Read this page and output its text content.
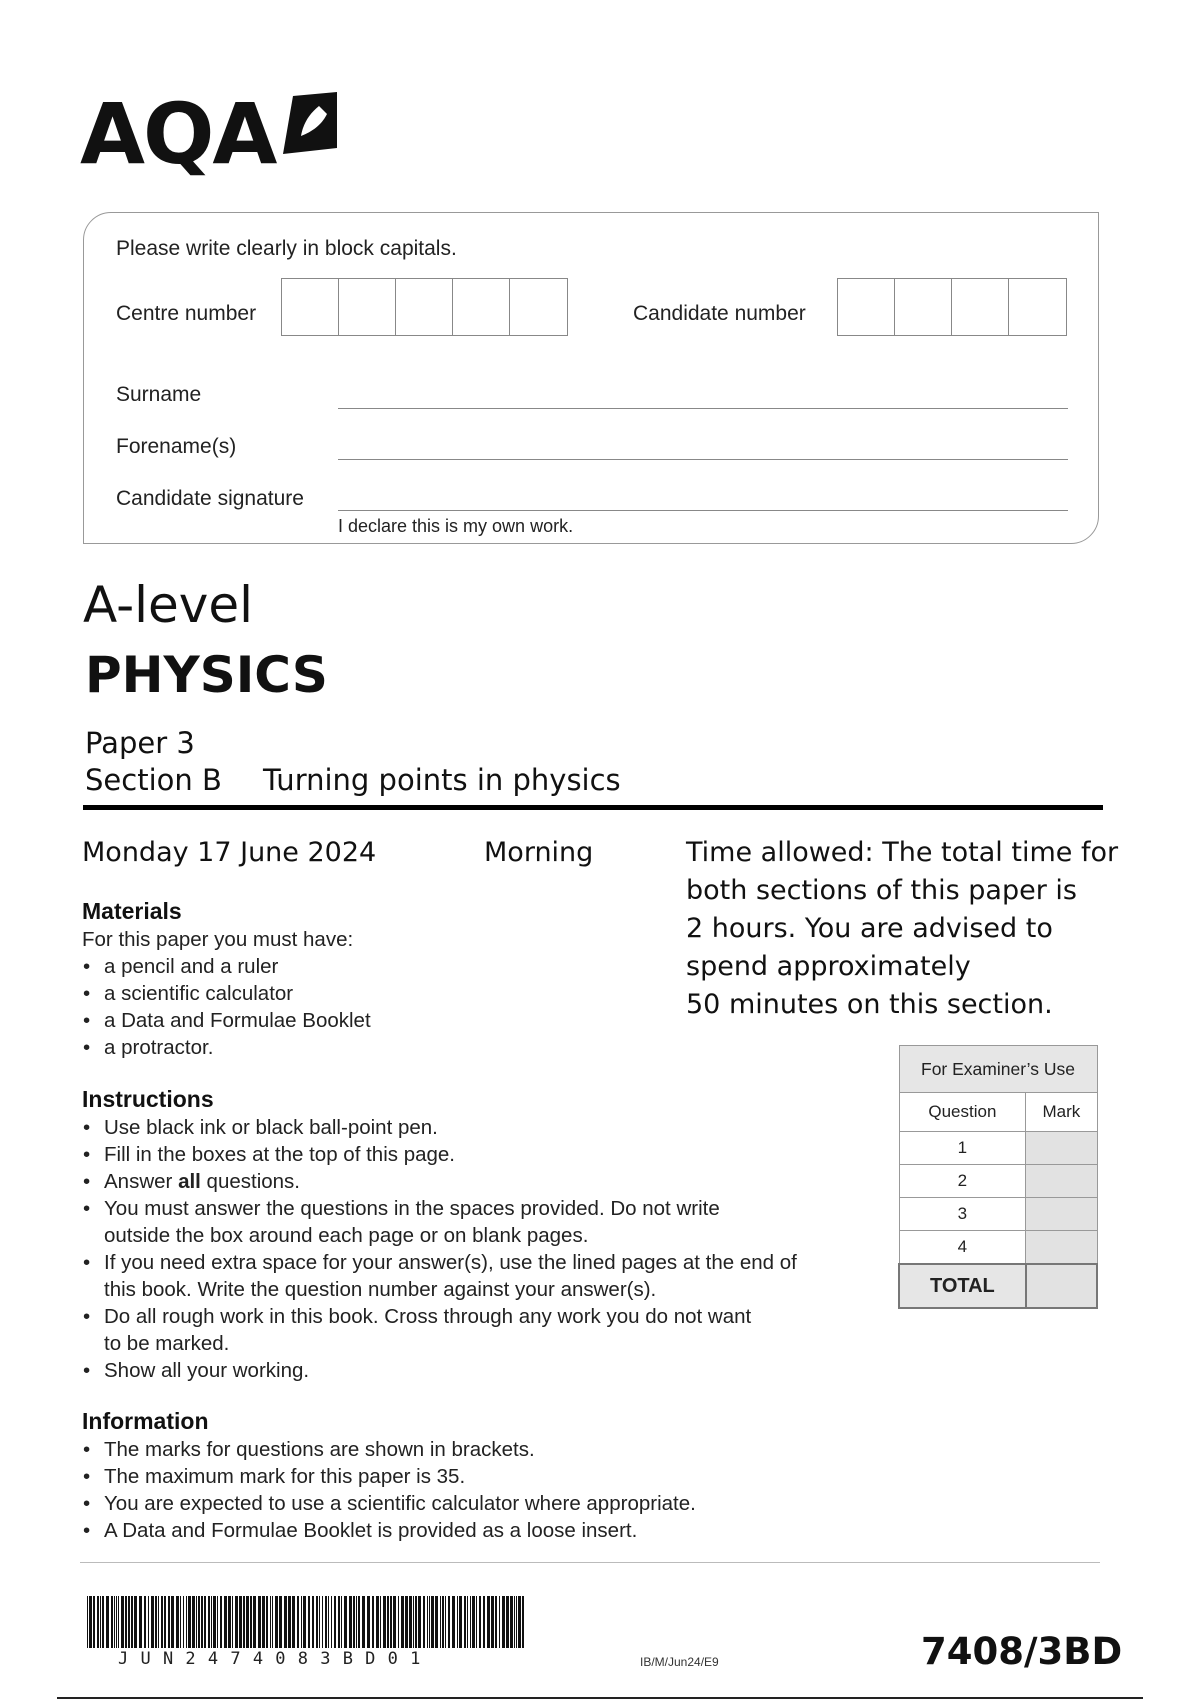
AQA
Please write clearly in block capitals.
Centre number	Candidate number
Surname
Forename(s)
Candidate signature
I declare this is my own work.
A-level
PHYSICS
Paper 3
Section B Turning points in physics
Monday 17 June 2024	Morning	Time allowed: The total time for
both sections of this paper is
2 hours. You are advised to
spend approximately
50 minutes on this section.
Materials
For this paper you must have:
• a pencil and a ruler
• a scientific calculator
• a Data and Formulae Booklet
• a protractor.
Instructions
• Use black ink or black ball-point pen.
• Fill in the boxes at the top of this page.
• Answer all questions.
• You must answer the questions in the spaces provided. Do not write
outside the box around each page or on blank pages.
• If you need extra space for your answer(s), use the lined pages at the end of
this book. Write the question number against your answer(s).
• Do all rough work in this book. Cross through any work you do not want
to be marked.
• Show all your working.
Information
• The marks for questions are shown in brackets.
• The maximum mark for this paper is 35.
• You are expected to use a scientific calculator where appropriate.
• A Data and Formulae Booklet is provided as a loose insert.
For Examiner’s Use	
Question	Mark
1	
2	
3	
4	
TOTAL	
J U N 2 4 7 4 0 8 3 B D 0 1	IB/M/Jun24/E9	7408/3BD
